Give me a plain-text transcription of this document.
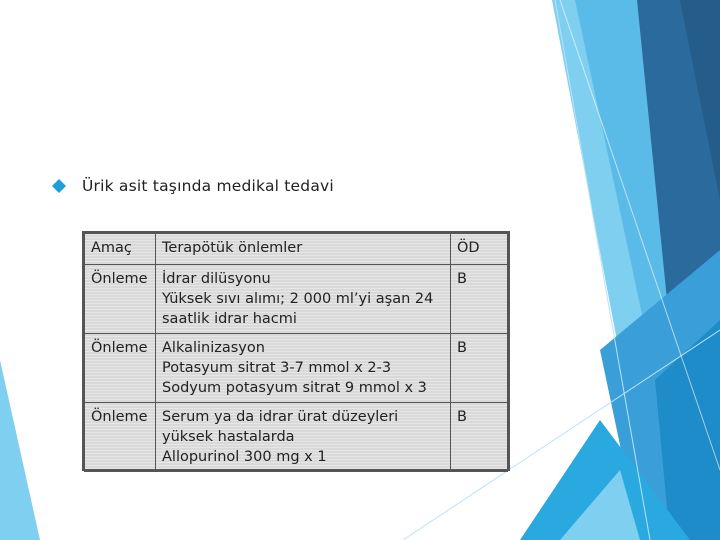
Ürik asit taşında medikal tedavi
Amaç	Terapötük önlemler	ÖD
Önleme	İdrar dilüsyonu
Yüksek sıvı alımı; 2 000 ml’yi aşan 24
saatlik idrar hacmi	B
Önleme	Alkalinizasyon
Potasyum sitrat 3-7 mmol x 2-3
Sodyum potasyum sitrat 9 mmol x 3	B
Önleme	Serum ya da idrar ürat düzeyleri
yüksek hastalarda
Allopurinol 300 mg x 1	B
